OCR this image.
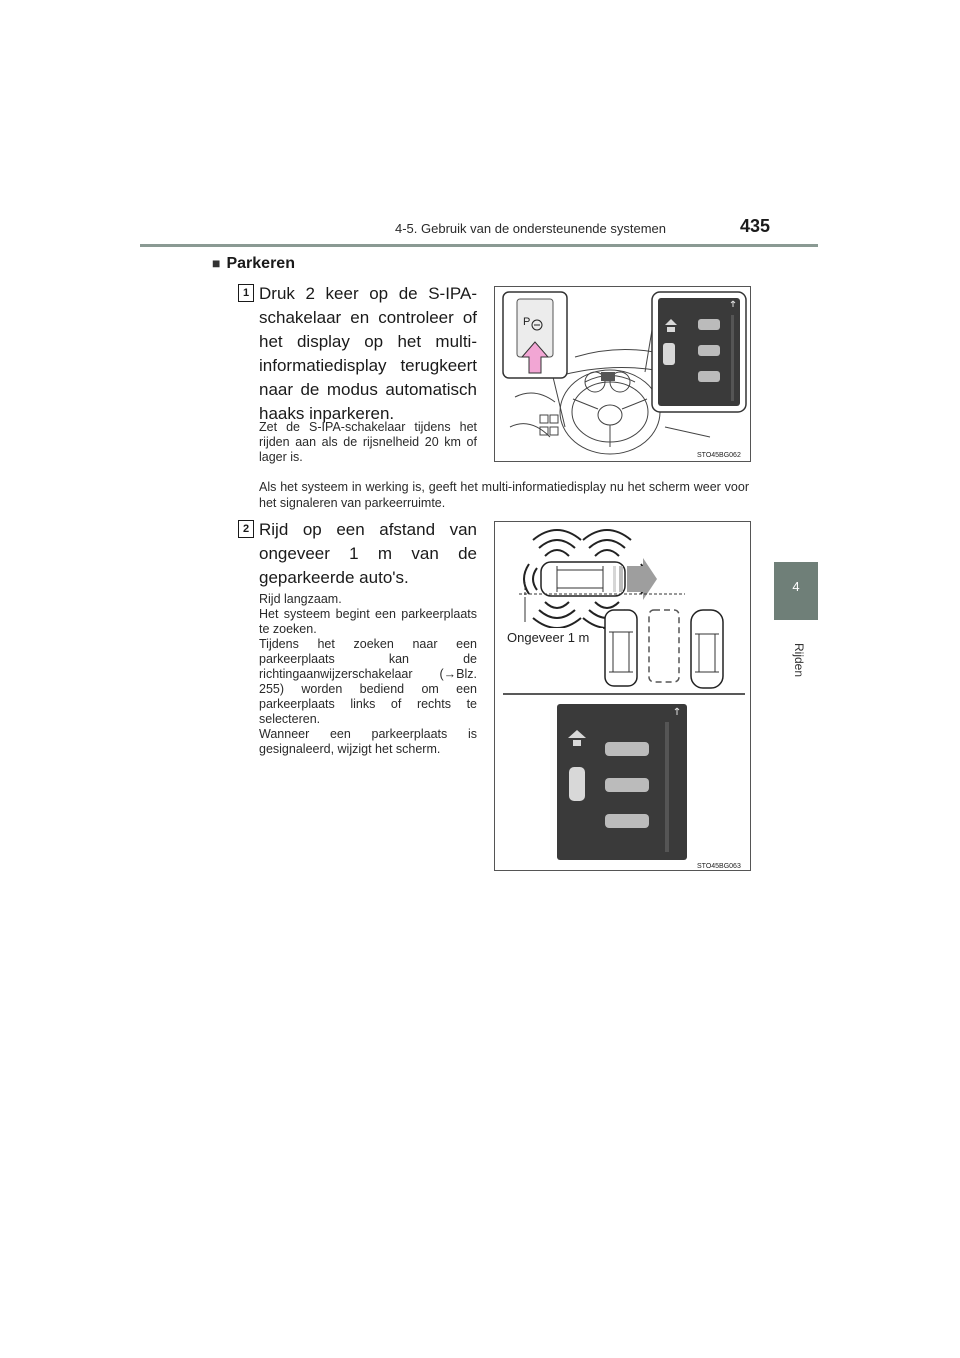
4-5. Gebruik van de ondersteunende systemen	435
4
Rijden
■ Parkeren
1 Druk 2 keer op de S-IPA-schakelaar en controleer of het display op het multi-informatiedisplay terugkeert naar de modus automatisch haaks inparkeren.
Zet de S-IPA-schakelaar tijdens het rijden aan als de rijsnelheid 20 km of lager is.
P
STO45BG062
Als het systeem in werking is, geeft het multi-informatiedisplay nu het scherm weer voor het signaleren van parkeerruimte.
2 Rijd op een afstand van ongeveer 1 m van de geparkeerde auto's.
Rijd langzaam.
Het systeem begint een parkeerplaats te zoeken.
Tijdens het zoeken naar een parkeerplaats kan de richtingaanwijzerschakelaar (→Blz. 255) worden bediend om een parkeerplaats links of rechts te selecteren.
Wanneer een parkeerplaats is gesignaleerd, wijzigt het scherm.
Ongeveer 1 m
STO45BG063
